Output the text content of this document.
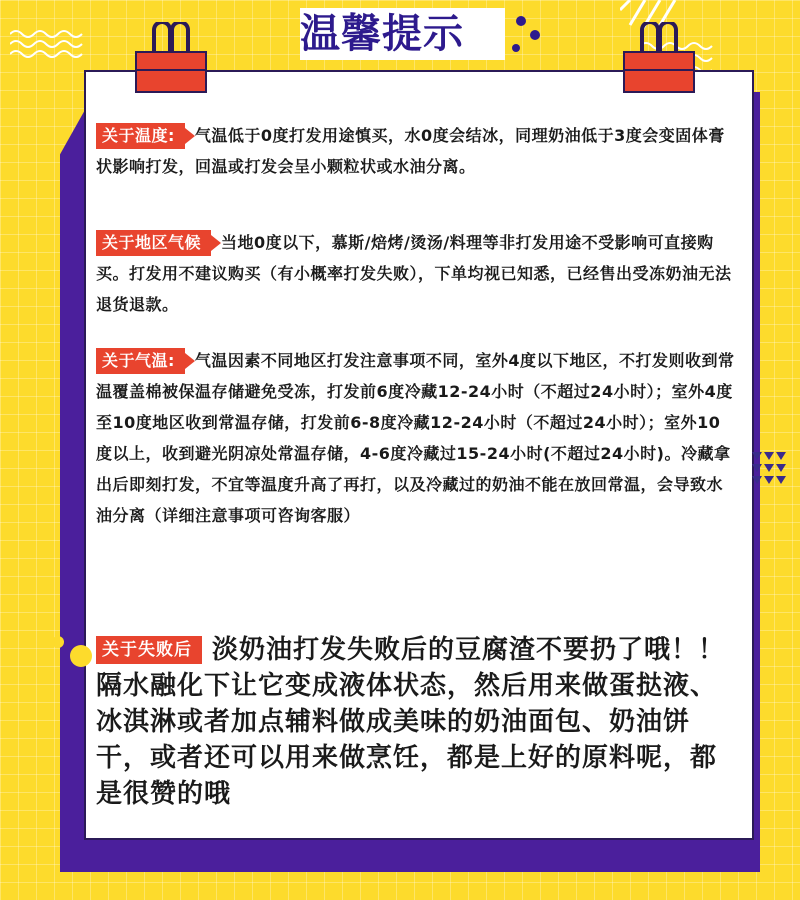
温馨提示
关于温度: 气温低于0度打发用途慎买，水0度会结冰，同理奶油低于3度会变固体膏状影响打发，回温或打发会呈小颗粒状或水油分离。
关于地区气候 当地0度以下，慕斯/焙烤/烫汤/料理等非打发用途不受影响可直接购买。打发用不建议购买（有小概率打发失败），下单均视已知悉，已经售出受冻奶油无法退货退款。
关于气温: 气温因素不同地区打发注意事项不同，室外4度以下地区，不打发则收到常温覆盖棉被保温存储避免受冻，打发前6度冷藏12-24小时（不超过24小时）；室外4度至10度地区收到常温存储，打发前6-8度冷藏12-24小时（不超过24小时）；室外10度以上，收到避光阴凉处常温存储，4-6度冷藏过15-24小时(不超过24小时)。冷藏拿出后即刻打发，不宜等温度升高了再打，以及冷藏过的奶油不能在放回常温，会导致水油分离（详细注意事项可咨询客服）
关于失败后 淡奶油打发失败后的豆腐渣不要扔了哦！！隔水融化下让它变成液体状态，然后用来做蛋挞液、冰淇淋或者加点辅料做成美味的奶油面包、奶油饼干，或者还可以用来做烹饪，都是上好的原料呢，都是很赞的哦
